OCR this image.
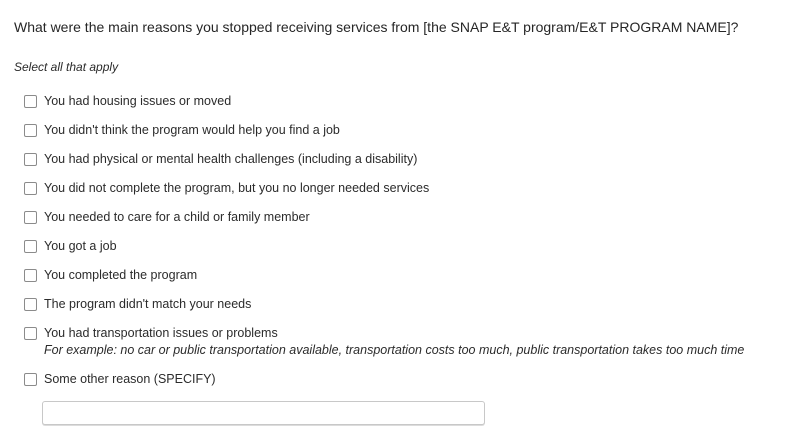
What were the main reasons you stopped receiving services from [the SNAP E&T program/E&T PROGRAM NAME]?
Select all that apply
You had housing issues or moved
You didn't think the program would help you find a job
You had physical or mental health challenges (including a disability)
You did not complete the program, but you no longer needed services
You needed to care for a child or family member
You got a job
You completed the program
The program didn't match your needs
You had transportation issues or problems
For example: no car or public transportation available, transportation costs too much, public transportation takes too much time
Some other reason (SPECIFY)
